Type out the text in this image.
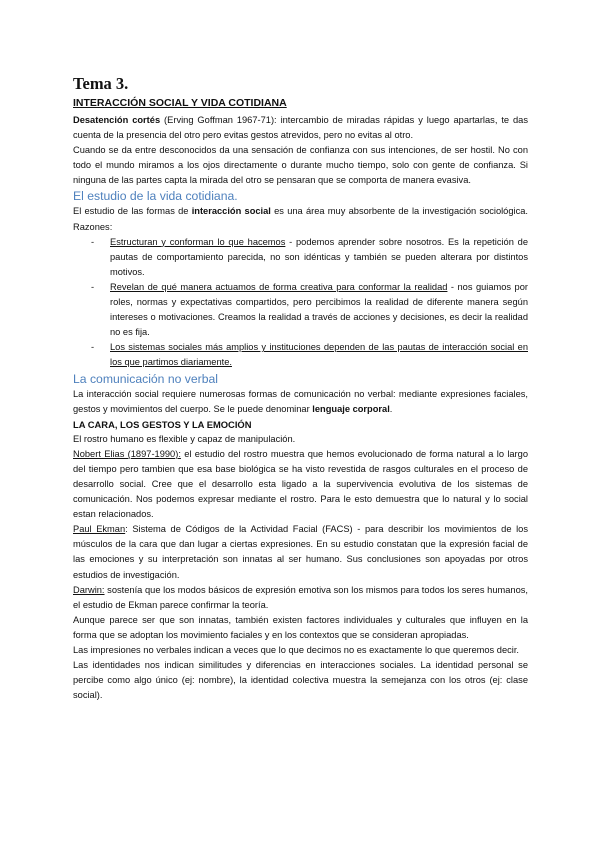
Tema 3.
INTERACCIÓN SOCIAL Y VIDA COTIDIANA

Desatención cortés (Erving Goffman 1967-71): intercambio de miradas rápidas y luego apartarlas, te das cuenta de la presencia del otro pero evitas gestos atrevidos, pero no evitas al otro.

Cuando se da entre desconocidos da una sensación de confianza con sus intenciones, de ser hostil. No con todo el mundo miramos a los ojos directamente o durante mucho tiempo, solo con gente de confianza. Si ninguna de las partes capta la mirada del otro se pensaran que se comporta de manera evasiva.

El estudio de la vida cotidiana.

El estudio de las formas de interacción social es una área muy absorbente de la investigación sociológica. Razones:

- Estructuran y conforman lo que hacemos - podemos aprender sobre nosotros. Es la repetición de pautas de comportamiento parecida, no son idénticas y también se pueden alterara por distintos motivos.
- Revelan de qué manera actuamos de forma creativa para conformar la realidad - nos guiamos por roles, normas y expectativas compartidos, pero percibimos la realidad de diferente manera según intereses o motivaciones. Creamos la realidad a través de acciones y decisiones, es decir la realidad no es fija.
- Los sistemas sociales más amplios y instituciones dependen de las pautas de interacción social en los que partimos diariamente.
La comunicación no verbal

La interacción social requiere numerosas formas de comunicación no verbal: mediante expresiones faciales, gestos y movimientos del cuerpo. Se le puede denominar lenguaje corporal.

LA CARA, LOS GESTOS Y LA EMOCIÓN

El rostro humano es flexible y capaz de manipulación.

Nobert Elias (1897-1990): el estudio del rostro muestra que hemos evolucionado de forma natural a lo largo del tiempo pero tambien que esa base biológica se ha visto revestida de rasgos culturales en el proceso de desarrollo social. Cree que el desarrollo esta ligado a la supervivencia evolutiva de los sistemas de comunicación. Nos podemos expresar mediante el rostro. Para le esto demuestra que lo natural y lo social estan relacionados.

Paul Ekman: Sistema de Códigos de la Actividad Facial (FACS) - para describir los movimientos de los músculos de la cara que dan lugar a ciertas expresiones. En su estudio constatan que la expresión facial de las emociones y su interpretación son innatas al ser humano. Sus conclusiones son apoyadas por otros estudios de investigación.

Darwin: sostenía que los modos básicos de expresión emotiva son los mismos para todos los seres humanos, el estudio de Ekman parece confirmar la teoría.

Aunque parece ser que son innatas, también existen factores individuales y culturales que influyen en la forma que se adoptan los movimiento faciales y en los contextos que se consideran apropiadas.

Las impresiones no verbales indican a veces que lo que decimos no es exactamente lo que queremos decir.

Las identidades nos indican similitudes y diferencias en interacciones sociales. La identidad personal se percibe como algo único (ej: nombre), la identidad colectiva muestra la semejanza con los otros (ej: clase social).
